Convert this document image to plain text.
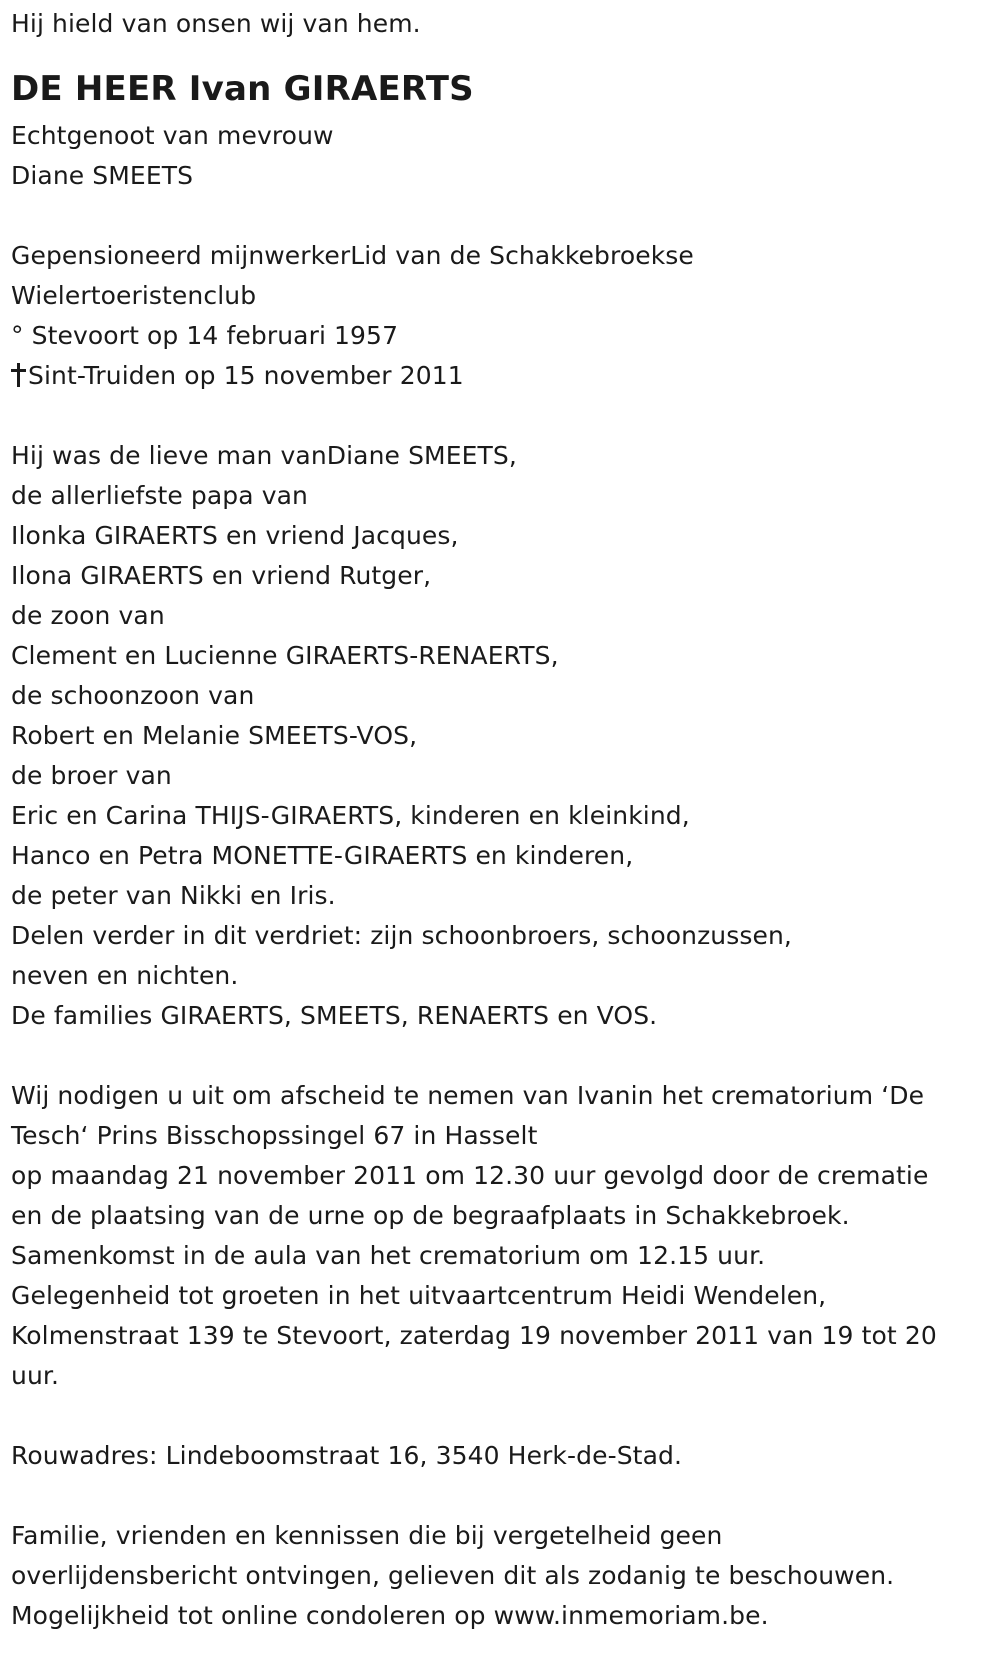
Hij hield van onsen wij van hem.
DE HEER Ivan GIRAERTS
Echtgenoot van mevrouw
Diane SMEETS
Gepensioneerd mijnwerkerLid van de Schakkebroekse
Wielertoeristenclub
° Stevoort op 14 februari 1957
Sint-Truiden op 15 november 2011
Hij was de lieve man vanDiane SMEETS,
de allerliefste papa van
Ilonka GIRAERTS en vriend Jacques,
Ilona GIRAERTS en vriend Rutger,
de zoon van
Clement en Lucienne GIRAERTS-RENAERTS,
de schoonzoon van
Robert en Melanie SMEETS-VOS,
de broer van
Eric en Carina THIJS-GIRAERTS, kinderen en kleinkind,
Hanco en Petra MONETTE-GIRAERTS en kinderen,
de peter van Nikki en Iris.
Delen verder in dit verdriet: zijn schoonbroers, schoonzussen,
neven en nichten.
De families GIRAERTS, SMEETS, RENAERTS en VOS.
Wij nodigen u uit om afscheid te nemen van Ivanin het crematorium ‘De
Tesch‘ Prins Bisschopssingel 67 in Hasselt
op maandag 21 november 2011 om 12.30 uur gevolgd door de crematie
en de plaatsing van de urne op de begraafplaats in Schakkebroek.
Samenkomst in de aula van het crematorium om 12.15 uur.
Gelegenheid tot groeten in het uitvaartcentrum Heidi Wendelen,
Kolmenstraat 139 te Stevoort, zaterdag 19 november 2011 van 19 tot 20
uur.
Rouwadres: Lindeboomstraat 16, 3540 Herk-de-Stad.
Familie, vrienden en kennissen die bij vergetelheid geen
overlijdensbericht ontvingen, gelieven dit als zodanig te beschouwen.
Mogelijkheid tot online condoleren op www.inmemoriam.be.
